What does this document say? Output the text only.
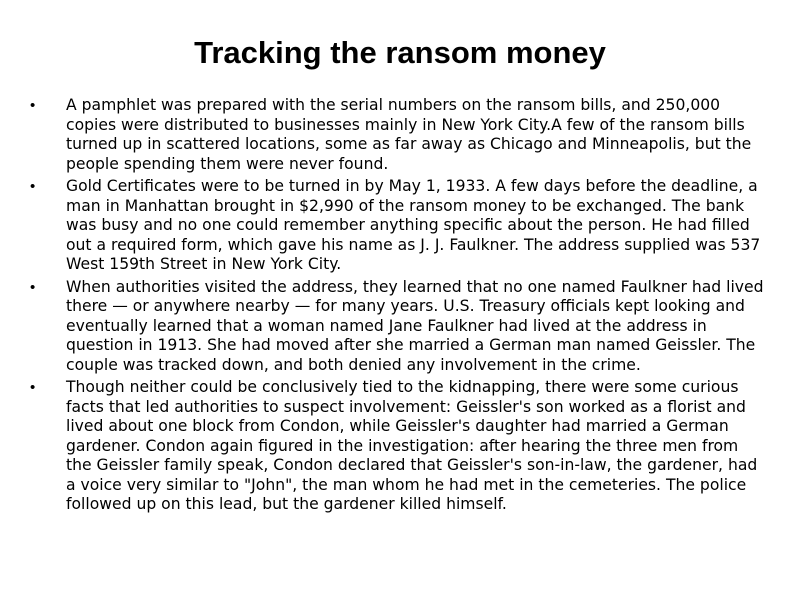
Tracking the ransom money
• A pamphlet was prepared with the serial numbers on the ransom bills, and 250,000 copies were distributed to businesses mainly in New York City.A few of the ransom bills turned up in scattered locations, some as far away as Chicago and Minneapolis, but the people spending them were never found.
• Gold Certificates were to be turned in by May 1, 1933. A few days before the deadline, a man in Manhattan brought in $2,990 of the ransom money to be exchanged. The bank was busy and no one could remember anything specific about the person. He had filled out a required form, which gave his name as J. J. Faulkner. The address supplied was 537 West 159th Street in New York City.
• When authorities visited the address, they learned that no one named Faulkner had lived there — or anywhere nearby — for many years. U.S. Treasury officials kept looking and eventually learned that a woman named Jane Faulkner had lived at the address in question in 1913. She had moved after she married a German man named Geissler. The couple was tracked down, and both denied any involvement in the crime.
• Though neither could be conclusively tied to the kidnapping, there were some curious facts that led authorities to suspect involvement: Geissler's son worked as a florist and lived about one block from Condon, while Geissler's daughter had married a German gardener. Condon again figured in the investigation: after hearing the three men from the Geissler family speak, Condon declared that Geissler's son-in-law, the gardener, had a voice very similar to "John", the man whom he had met in the cemeteries. The police followed up on this lead, but the gardener killed himself.
